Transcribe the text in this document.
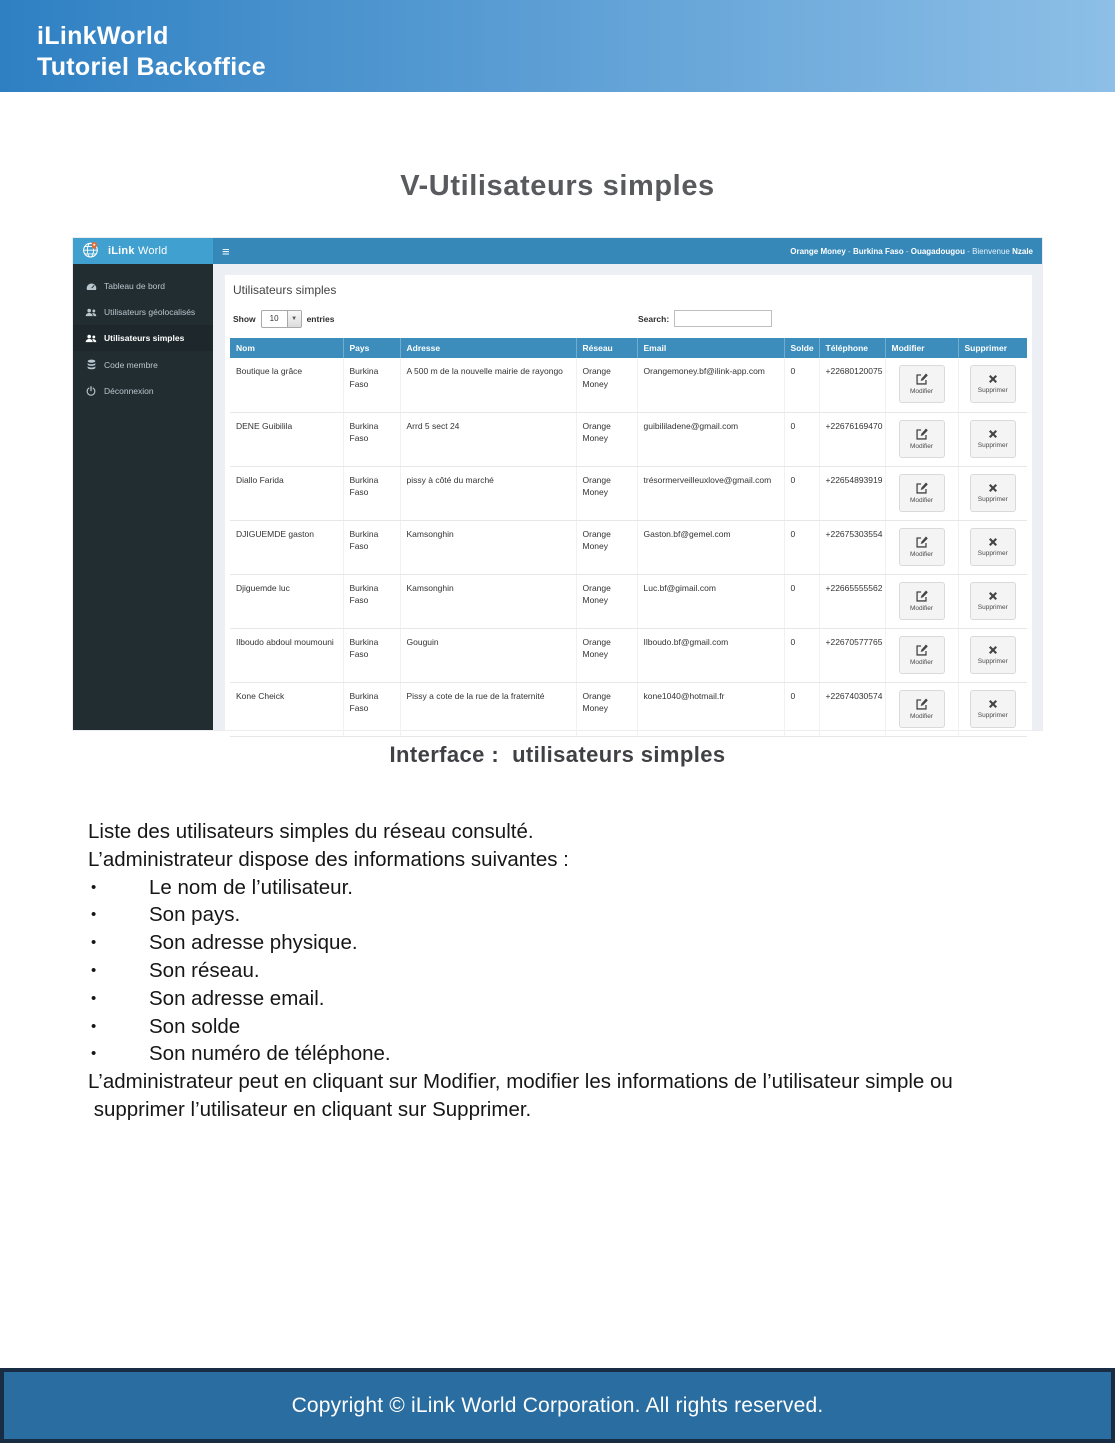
iLinkWorld
Tutoriel Backoffice
V-Utilisateurs simples
iLink World	≡	Orange Money - Burkina Faso - Ouagadougou - Bienvenue Nzale
Tableau de bord
Utilisateurs géolocalisés
Utilisateurs simples
Code membre
Déconnexion
Utilisateurs simples
Show	10	▼	entries	Search:
Nom	Pays	Adresse	Réseau	Email	Solde	Téléphone	Modifier	Supprimer
Boutique la grâce	Burkina Faso	A 500 m de la nouvelle mairie de rayongo	Orange Money	Orangemoney.bf@ilink-app.com	0	+22680120075	Modifier	Supprimer

DENE Guibilila	Burkina Faso	Arrd 5 sect 24	Orange Money	guibililadene@gmail.com	0	+22676169470	Modifier	Supprimer

Diallo Farida	Burkina Faso	pissy à côté du marché	Orange Money	trésormerveilleuxlove@gmail.com	0	+22654893919	Modifier	Supprimer

DJIGUEMDE gaston	Burkina Faso	Kamsonghin	Orange Money	Gaston.bf@gemel.com	0	+22675303554	Modifier	Supprimer

Djiguemde luc	Burkina Faso	Kamsonghin	Orange Money	Luc.bf@gimail.com	0	+22665555562	Modifier	Supprimer

Ilboudo abdoul moumouni	Burkina Faso	Gouguin	Orange Money	Ilboudo.bf@gmail.com	0	+22670577765	Modifier	Supprimer

Kone Cheick	Burkina Faso	Pissy a cote de la rue de la fraternité	Orange Money	kone1040@hotmail.fr	0	+22674030574	Modifier	Supprimer
Interface :  utilisateurs simples

Liste des utilisateurs simples du réseau consulté.

L’administrateur dispose des informations suivantes :

•	Le nom de l’utilisateur.
•	Son pays.
•	Son adresse physique.
•	Son réseau.
•	Son adresse email.
•	Son solde
•	Son numéro de téléphone.

L’administrateur peut en cliquant sur Modifier, modifier les informations de l’utilisateur simple ou

supprimer l’utilisateur en cliquant sur Supprimer.

Copyright © iLink World Corporation. All rights reserved.
